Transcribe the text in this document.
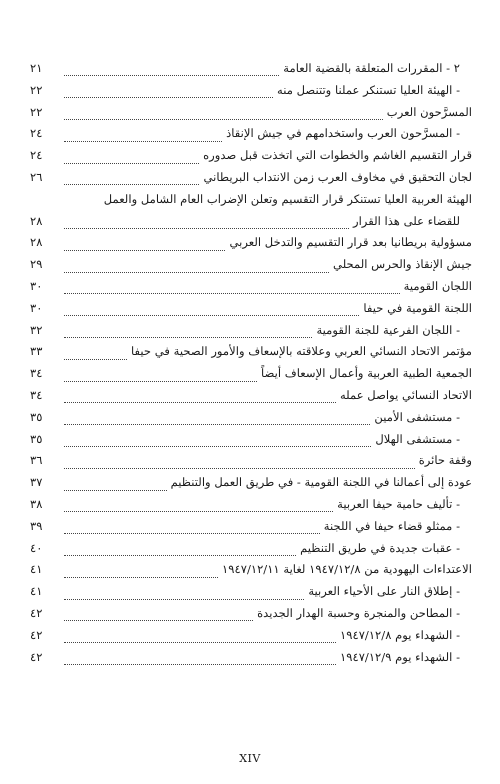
٢ - المقررات المتعلقة بالقضية العامة
٢١
- الهيئة العليا تستنكر عملنا وتتنصل منه
٢٢
المسرَّحون العرب
٢٢
- المسرَّحون العرب واستخدامهم في جيش الإنقاذ
٢٤
قرار التقسيم الغاشم والخطوات التي اتخذت قبل صدوره
٢٤
لجان التحقيق في مخاوف العرب زمن الانتداب البريطاني
٢٦
الهيئة العربية العليا تستنكر قرار التقسيم وتعلن الإضراب العام الشامل والعمل
للقضاء على هذا القرار
٢٨
مسؤولية بريطانيا بعد قرار التقسيم والتدخل العربي
٢٨
جيش الإنقاذ والحرس المحلي
٢٩
اللجان القومية
٣٠
اللجنة القومية في حيفا
٣٠
- اللجان الفرعية للجنة القومية
٣٢
مؤتمر الاتحاد النسائي العربي وعلاقته بالإسعاف والأمور الصحية في حيفا
٣٣
الجمعية الطبية العربية وأعمال الإسعاف أيضاً
٣٤
الاتحاد النسائي يواصل عمله
٣٤
- مستشفى الأمين
٣٥
- مستشفى الهلال
٣٥
وقفة حائرة
٣٦
عودة إلى أعمالنا في اللجنة القومية - في طريق العمل والتنظيم
٣٧
- تأليف حامية حيفا العربية
٣٨
- ممثلو قضاء حيفا في اللجنة
٣٩
- عقبات جديدة في طريق التنظيم
٤٠
الاعتداءات اليهودية من ١٩٤٧/١٢/٨ لغاية ١٩٤٧/١٢/١١
٤١
- إطلاق النار على الأحياء العربية
٤١
- المطاحن والمنجرة وحسبة الهدار الجديدة
٤٢
- الشهداء يوم ١٩٤٧/١٢/٨
٤٢
- الشهداء يوم ١٩٤٧/١٢/٩
٤٢
XIV
